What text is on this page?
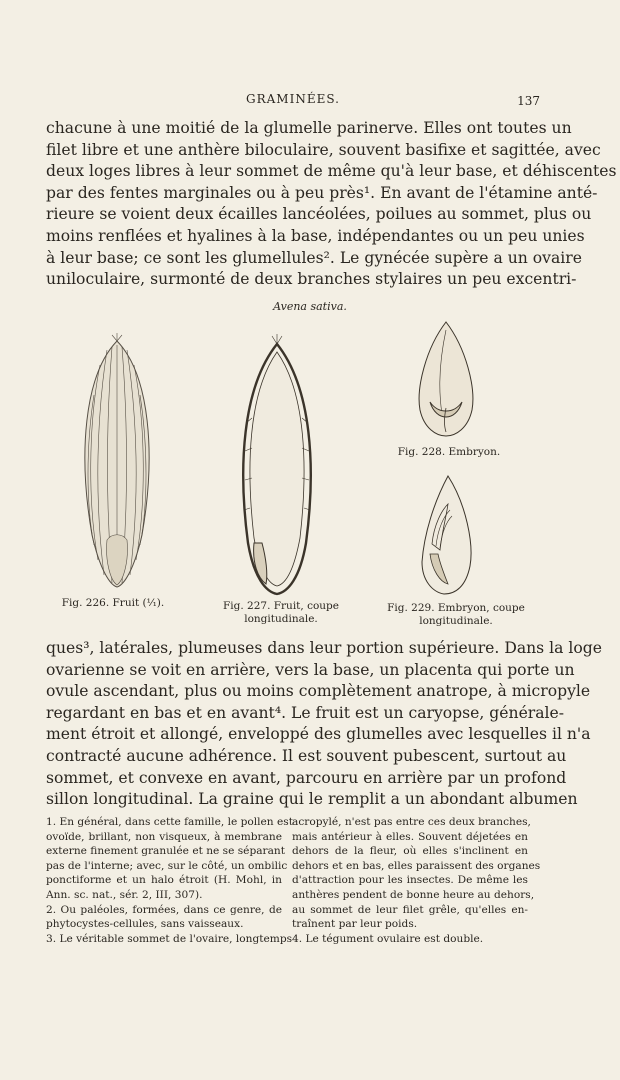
GRAMINÉES.	137
chacune à une moitié de la glumelle parinerve. Elles ont toutes un
filet libre et une anthère biloculaire, souvent basifixe et sagittée, avec
deux loges libres à leur sommet de même qu'à leur base, et déhiscentes
par des fentes marginales ou à peu près¹. En avant de l'étamine anté-
rieure se voient deux écailles lancéolées, poilues au sommet, plus ou
moins renflées et hyalines à la base, indépendantes ou un peu unies
à leur base; ce sont les glumellules². Le gynécée supère a un ovaire
uniloculaire, surmonté de deux branches stylaires un peu excentri-
Avena sativa.
Fig. 226. Fruit (⅟₁).	Fig. 227. Fruit, coupe
longitudinale.
Fig. 228. Embryon.
Fig. 229. Embryon, coupe
longitudinale.
ques³, latérales, plumeuses dans leur portion supérieure. Dans la loge
ovarienne se voit en arrière, vers la base, un placenta qui porte un
ovule ascendant, plus ou moins complètement anatrope, à micropyle
regardant en bas et en avant⁴. Le fruit est un caryopse, générale-
ment étroit et allongé, enveloppé des glumelles avec lesquelles il n'a
contracté aucune adhérence. Il est souvent pubescent, surtout au
sommet, et convexe en avant, parcouru en arrière par un profond
sillon longitudinal. La graine qui le remplit a un abondant albumen
1. En général, dans cette famille, le pollen est
ovoïde, brillant, non visqueux, à membrane
externe finement granulée et ne se séparant
pas de l'interne; avec, sur le côté, un ombilic
ponctiforme et un halo étroit (H. Mohl, in
Ann. sc. nat., sér. 2, III, 307).
2. Ou paléoles, formées, dans ce genre, de
phytocystes-cellules, sans vaisseaux.
3. Le véritable sommet de l'ovaire, longtemps
acropylé, n'est pas entre ces deux branches,
mais antérieur à elles. Souvent déjetées en
dehors de la fleur, où elles s'inclinent en
dehors et en bas, elles paraissent des organes
d'attraction pour les insectes. De même les
anthères pendent de bonne heure au dehors,
au sommet de leur filet grêle, qu'elles en-
traînent par leur poids.
4. Le tégument ovulaire est double.
